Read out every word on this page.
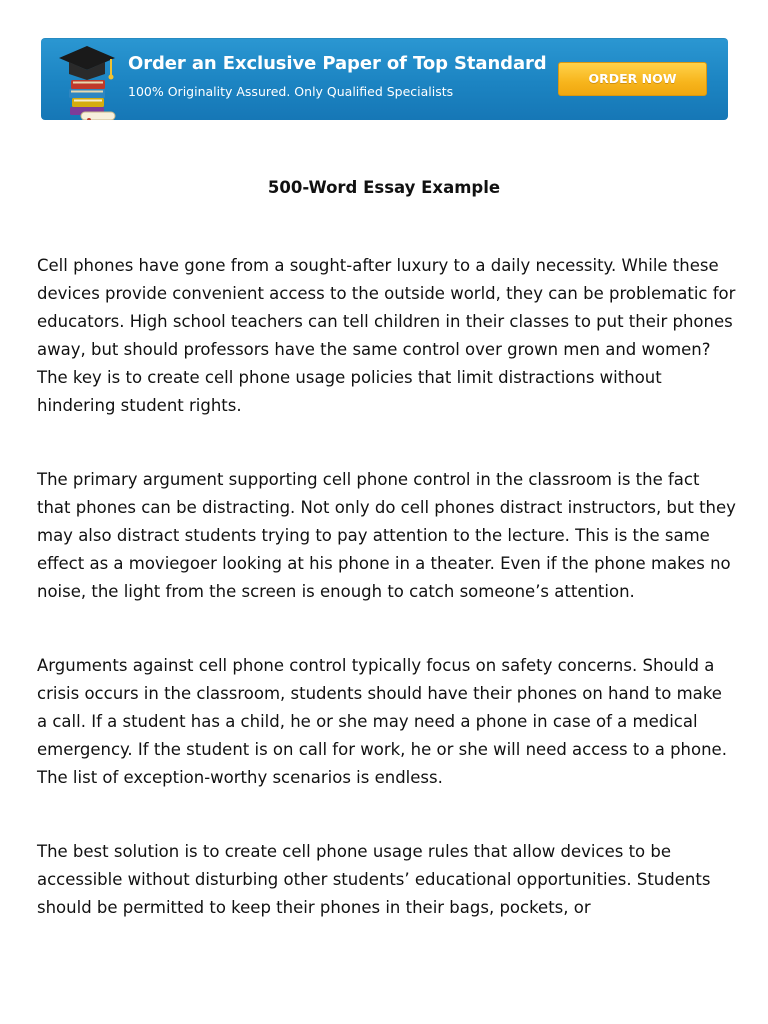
Order an Exclusive Paper of Top Standard
100% Originality Assured. Only Qualified Specialists
ORDER NOW
500-Word Essay Example

Cell phones have gone from a sought-after luxury to a daily necessity. While these devices provide convenient access to the outside world, they can be problematic for educators. High school teachers can tell children in their classes to put their phones away, but should professors have the same control over grown men and women? The key is to create cell phone usage policies that limit distractions without hindering student rights.

The primary argument supporting cell phone control in the classroom is the fact that phones can be distracting. Not only do cell phones distract instructors, but they may also distract students trying to pay attention to the lecture. This is the same effect as a moviegoer looking at his phone in a theater. Even if the phone makes no noise, the light from the screen is enough to catch someone’s attention.

Arguments against cell phone control typically focus on safety concerns. Should a crisis occurs in the classroom, students should have their phones on hand to make a call. If a student has a child, he or she may need a phone in case of a medical emergency. If the student is on call for work, he or she will need access to a phone. The list of exception-worthy scenarios is endless.

The best solution is to create cell phone usage rules that allow devices to be accessible without disturbing other students’ educational opportunities. Students should be permitted to keep their phones in their bags, pockets, or
